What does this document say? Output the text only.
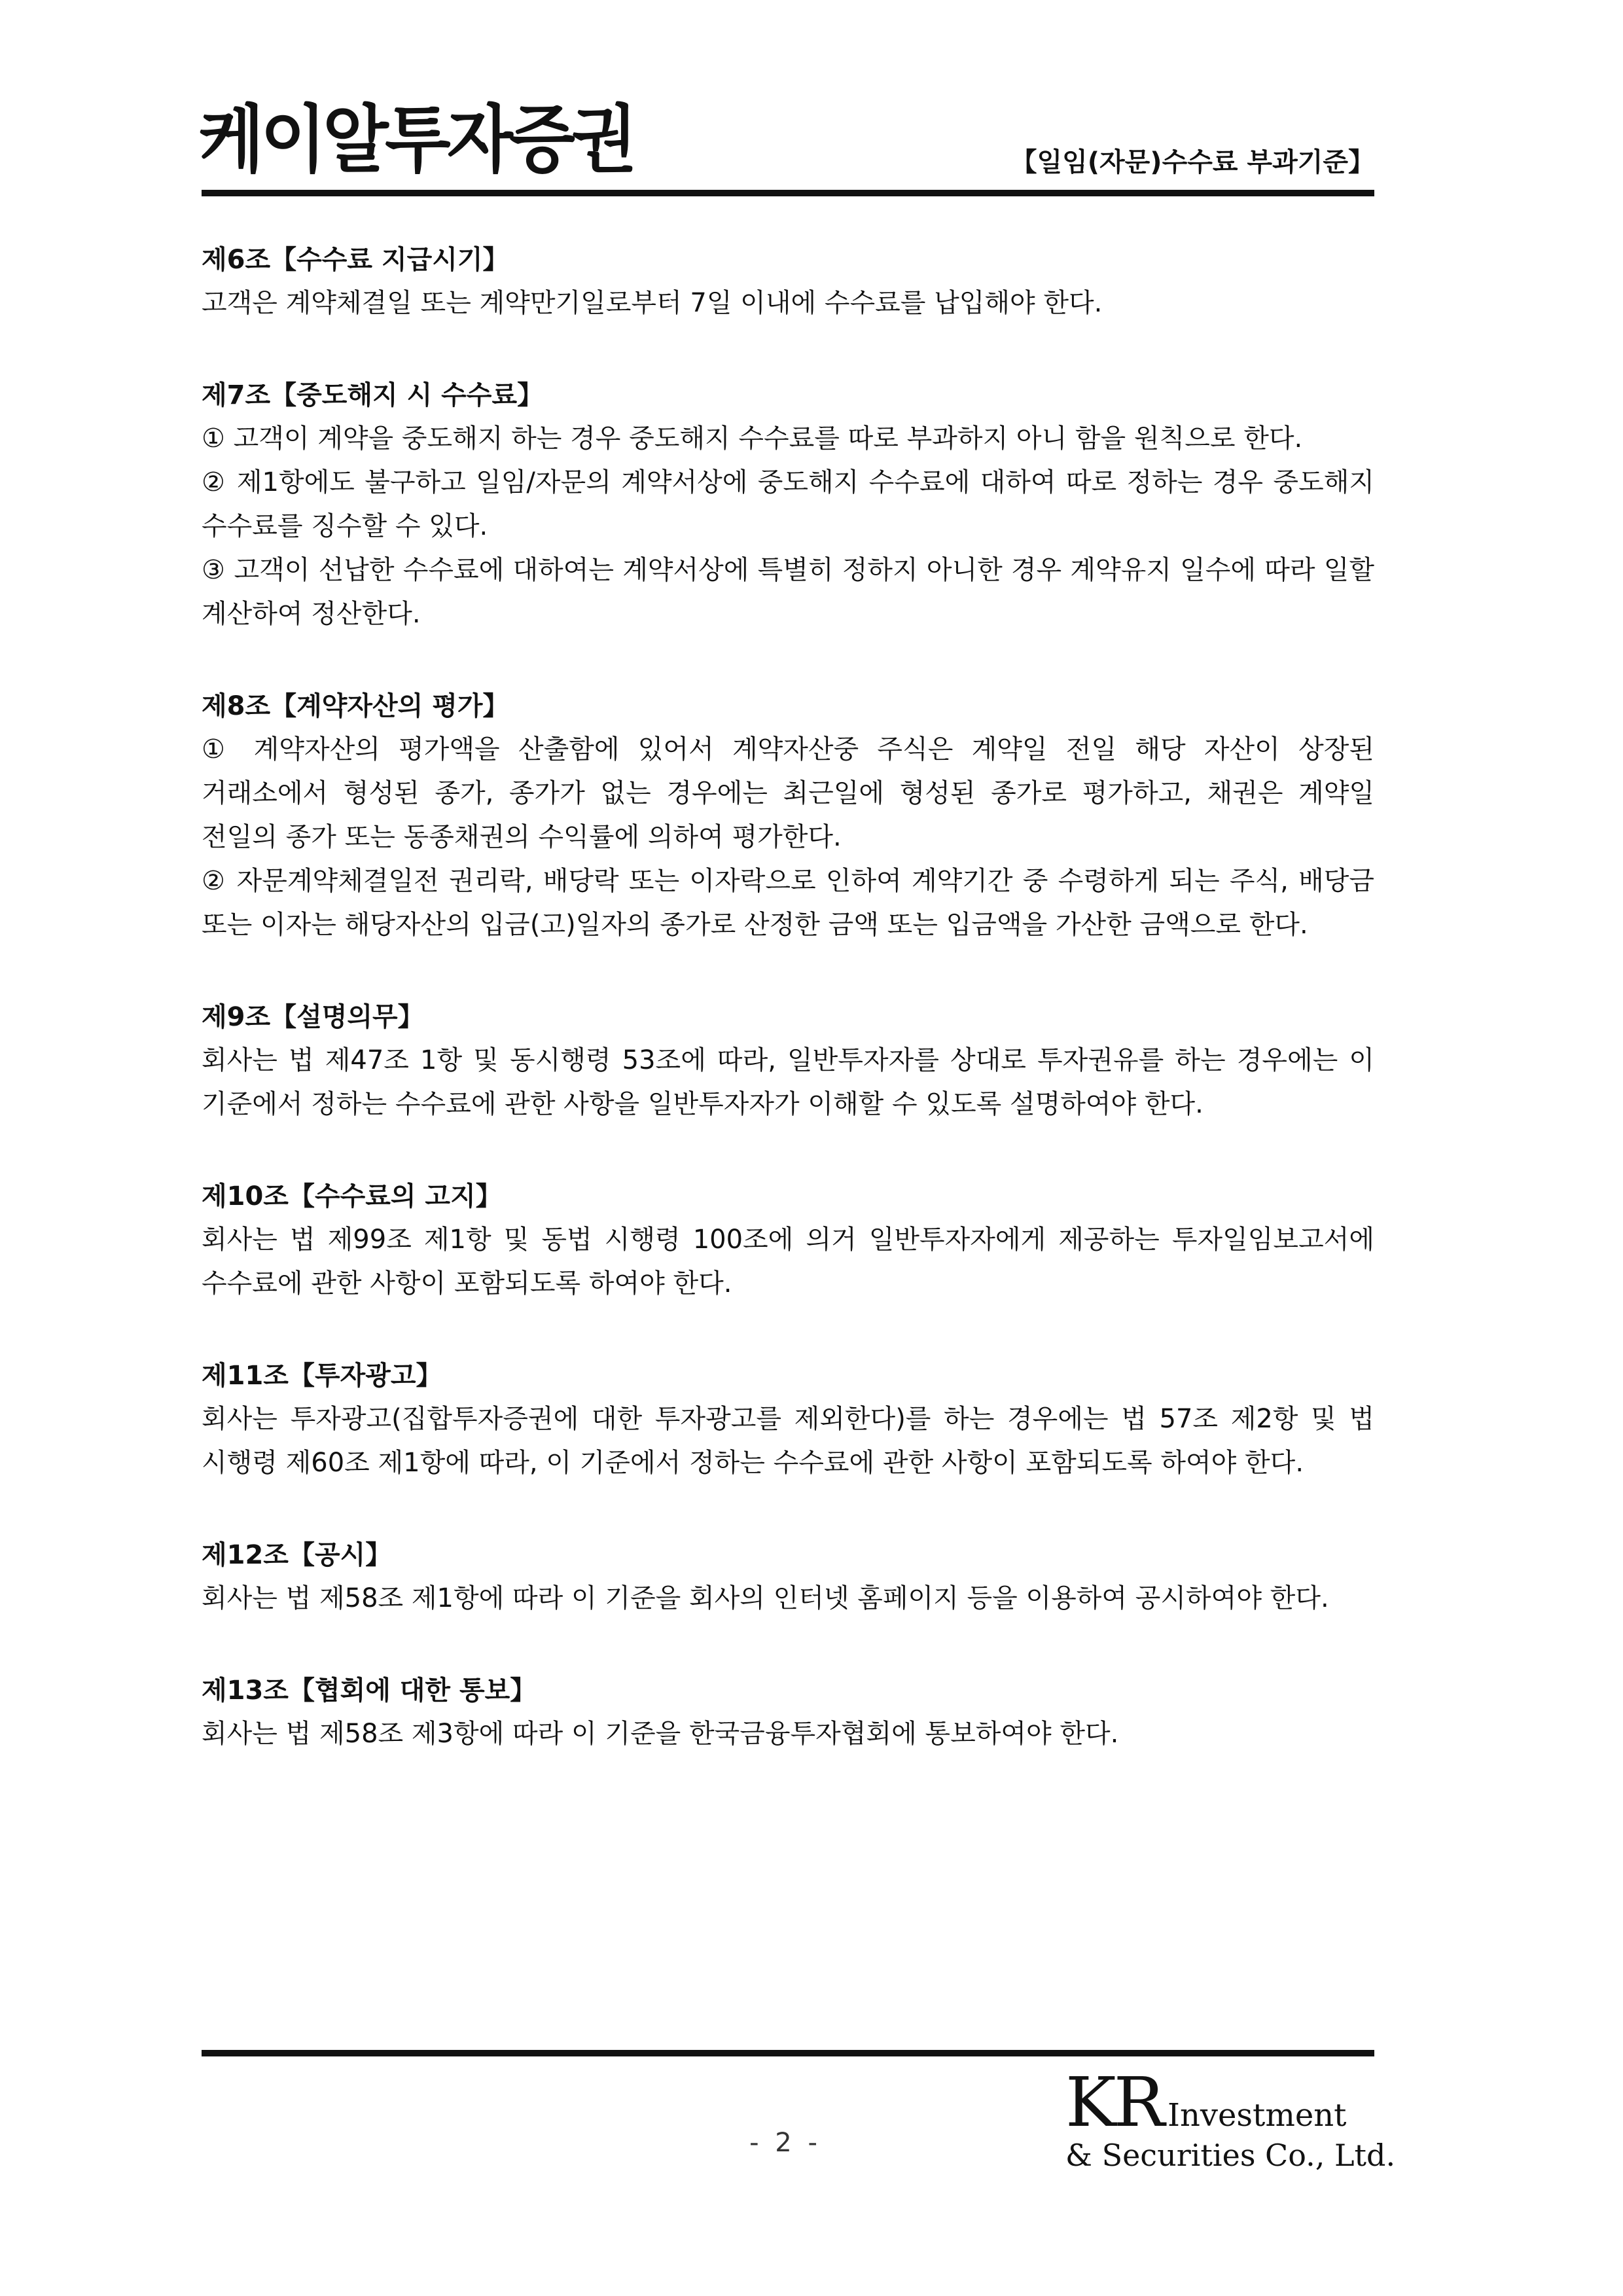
케이알투자증권	【일임(자문)수수료 부과기준】

제6조【수수료 지급시기】

고객은 계약체결일 또는 계약만기일로부터 7일 이내에 수수료를 납입해야 한다.

제7조【중도해지 시 수수료】

① 고객이 계약을 중도해지 하는 경우 중도해지 수수료를 따로 부과하지 아니 함을 원칙으로 한다.

② 제1항에도 불구하고 일임/자문의 계약서상에 중도해지 수수료에 대하여 따로 정하는 경우 중도해지 수수료를 징수할 수 있다.

③ 고객이 선납한 수수료에 대하여는 계약서상에 특별히 정하지 아니한 경우 계약유지 일수에 따라 일할 계산하여 정산한다.

제8조【계약자산의 평가】

① 계약자산의 평가액을 산출함에 있어서 계약자산중 주식은 계약일 전일 해당 자산이 상장된 거래소에서 형성된 종가, 종가가 없는 경우에는 최근일에 형성된 종가로 평가하고, 채권은 계약일 전일의 종가 또는 동종채권의 수익률에 의하여 평가한다.

② 자문계약체결일전 권리락, 배당락 또는 이자락으로 인하여 계약기간 중 수령하게 되는 주식, 배당금 또는 이자는 해당자산의 입금(고)일자의 종가로 산정한 금액 또는 입금액을 가산한 금액으로 한다.

제9조【설명의무】

회사는 법 제47조 1항 및 동시행령 53조에 따라, 일반투자자를 상대로 투자권유를 하는 경우에는 이 기준에서 정하는 수수료에 관한 사항을 일반투자자가 이해할 수 있도록 설명하여야 한다.

제10조【수수료의 고지】

회사는 법 제99조 제1항 및 동법 시행령 100조에 의거 일반투자자에게 제공하는 투자일임보고서에 수수료에 관한 사항이 포함되도록 하여야 한다.

제11조【투자광고】

회사는 투자광고(집합투자증권에 대한 투자광고를 제외한다)를 하는 경우에는 법 57조 제2항 및 법 시행령 제60조 제1항에 따라, 이 기준에서 정하는 수수료에 관한 사항이 포함되도록 하여야 한다.

제12조【공시】

회사는 법 제58조 제1항에 따라 이 기준을 회사의 인터넷 홈페이지 등을 이용하여 공시하여야 한다.

제13조【협회에 대한 통보】

회사는 법 제58조 제3항에 따라 이 기준을 한국금융투자협회에 통보하여야 한다.

- 2 -
KR Investment
& Securities Co., Ltd.
